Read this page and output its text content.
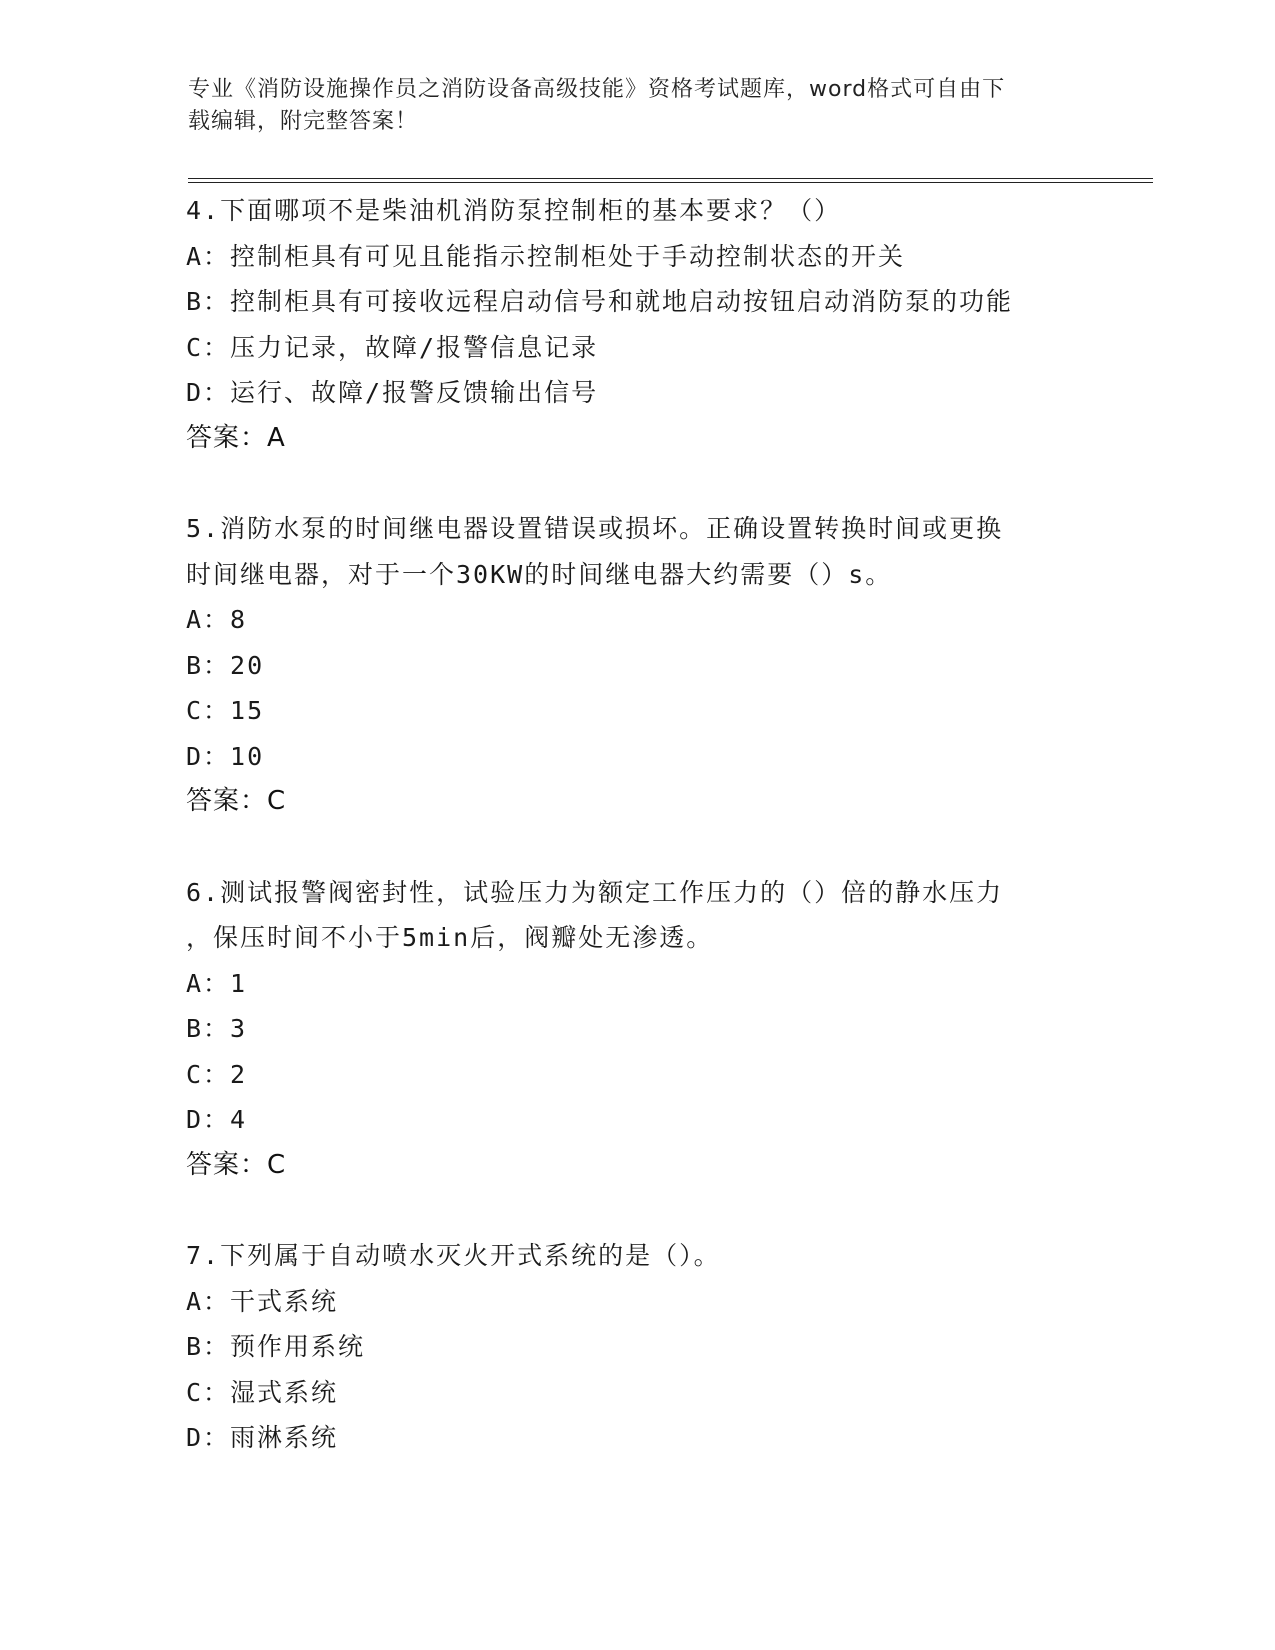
专业《消防设施操作员之消防设备高级技能》资格考试题库，word格式可自由下
载编辑，附完整答案！
4.下面哪项不是柴油机消防泵控制柜的基本要求？（）
A：控制柜具有可见且能指示控制柜处于手动控制状态的开关
B：控制柜具有可接收远程启动信号和就地启动按钮启动消防泵的功能
C：压力记录，故障/报警信息记录
D：运行、故障/报警反馈输出信号
答案：A
5.消防水泵的时间继电器设置错误或损坏。正确设置转换时间或更换
时间继电器，对于一个30KW的时间继电器大约需要（）s。
A：8
B：20
C：15
D：10
答案：C
6.测试报警阀密封性，试验压力为额定工作压力的（）倍的静水压力
，保压时间不小于5min后，阀瓣处无渗透。
A：1
B：3
C：2
D：4
答案：C
7.下列属于自动喷水灭火开式系统的是（）。
A：干式系统
B：预作用系统
C：湿式系统
D：雨淋系统
